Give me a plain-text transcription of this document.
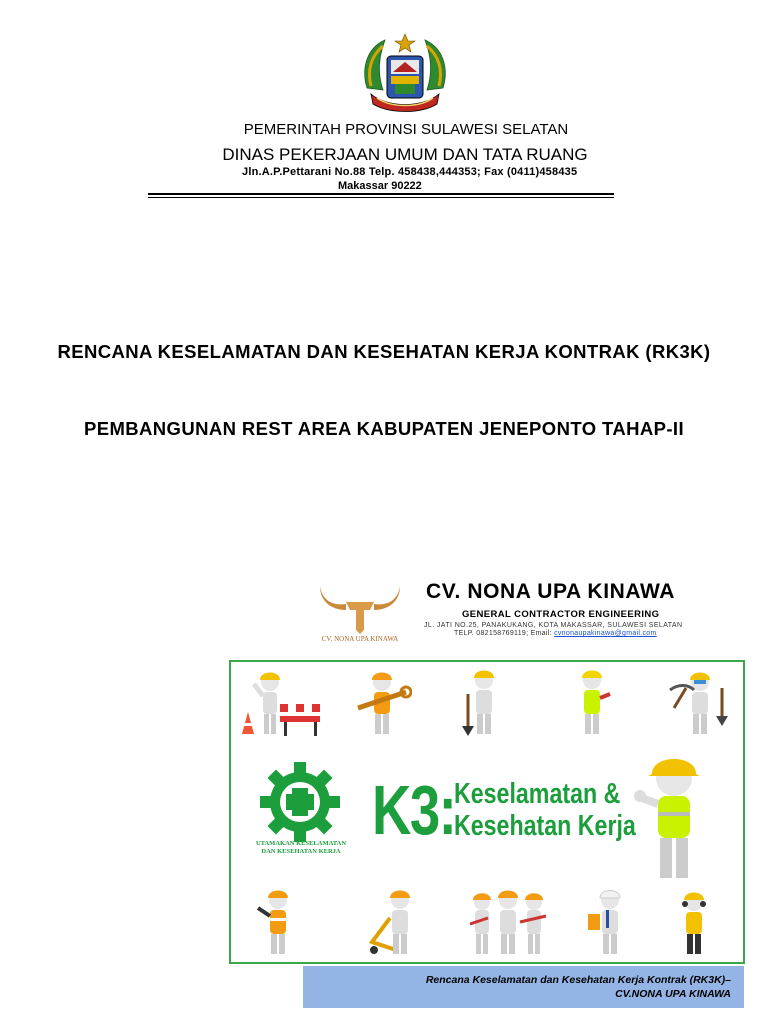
PEMERINTAH PROVINSI SULAWESI SELATAN
DINAS PEKERJAAN UMUM DAN TATA RUANG
Jln.A.P.Pettarani No.88 Telp. 458438,444353; Fax (0411)458435
Makassar 90222
RENCANA KESELAMATAN DAN KESEHATAN KERJA KONTRAK (RK3K)
PEMBANGUNAN REST AREA KABUPATEN JENEPONTO TAHAP-II
CV. NONA UPA KINAWA
CV. NONA UPA KINAWA
GENERAL CONTRACTOR ENGINEERING
JL. JATI NO.25, PANAKUKANG, KOTA MAKASSAR, SULAWESI SELATAN
TELP. 082158769119; Email: cvnonaupakinawa@gmail.com
UTAMAKAN KESELAMATAN
DAN KESEHATAN KERJA
K3:
Keselamatan &
Kesehatan Kerja
Rencana Keselamatan dan Kesehatan Kerja Kontrak (RK3K)–
CV.NONA UPA KINAWA
